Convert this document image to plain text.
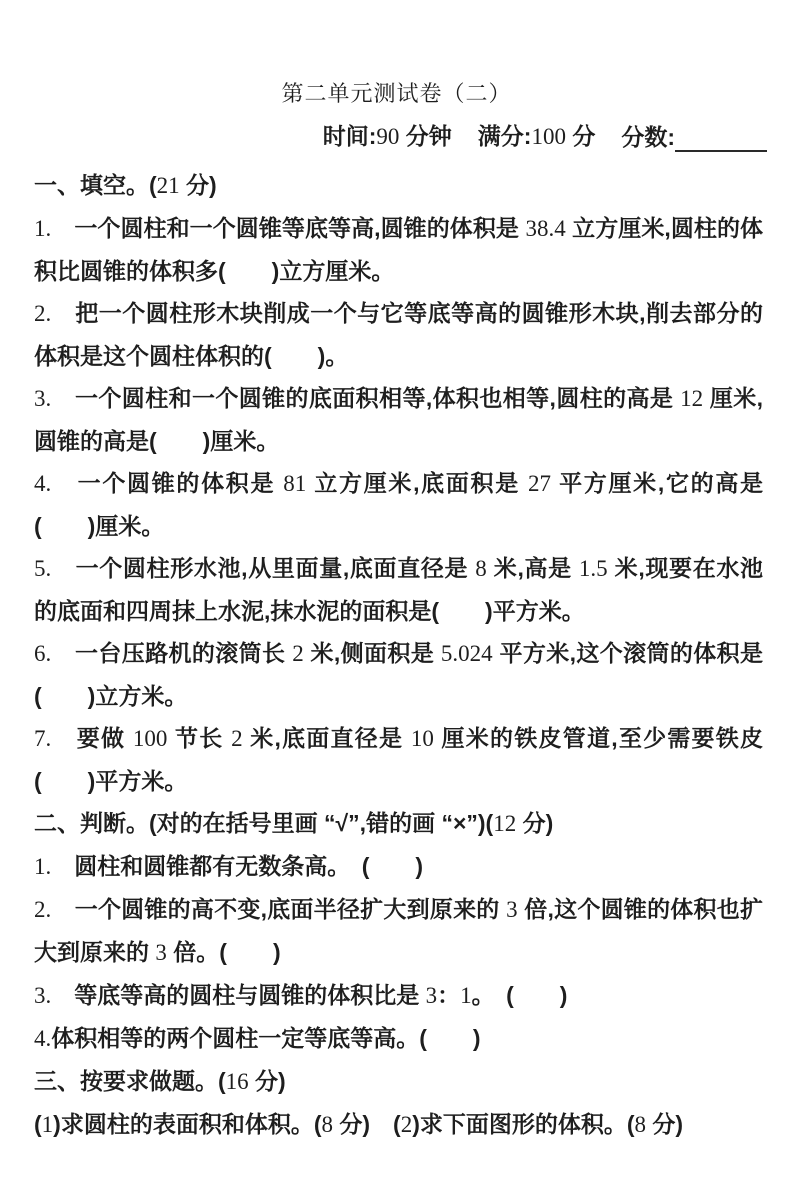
第二单元测试卷（二）
时间:90 分钟 满分:100 分 分数:
一、填空。(21 分)

1.　一个圆柱和一个圆锥等底等高,圆锥的体积是 38.4 立方厘米,圆柱的体积比圆锥的体积多(　　)立方厘米。

2.　把一个圆柱形木块削成一个与它等底等高的圆锥形木块,削去部分的体积是这个圆柱体积的(　　)。

3.　一个圆柱和一个圆锥的底面积相等,体积也相等,圆柱的高是 12 厘米,圆锥的高是(　　)厘米。

4.　一个圆锥的体积是 81 立方厘米,底面积是 27 平方厘米,它的高是(　　)厘米。

5.　一个圆柱形水池,从里面量,底面直径是 8 米,高是 1.5 米,现要在水池的底面和四周抹上水泥,抹水泥的面积是(　　)平方米。

6.　一台压路机的滚筒长 2 米,侧面积是 5.024 平方米,这个滚筒的体积是(　　)立方米。

7.　要做 100 节长 2 米,底面直径是 10 厘米的铁皮管道,至少需要铁皮(　　)平方米。

二、判断。(对的在括号里画 “√”,错的画 “×”)(12 分)

1.　圆柱和圆锥都有无数条高。　(　　)

2.　一个圆锥的高不变,底面半径扩大到原来的 3 倍,这个圆锥的体积也扩大到原来的 3 倍。(　　)

3.　等底等高的圆柱与圆锥的体积比是 3：1。　(　　)

4.体积相等的两个圆柱一定等底等高。(　　)

三、按要求做题。(16 分)

(1)求圆柱的表面积和体积。(8 分)　(2)求下面图形的体积。(8 分)
